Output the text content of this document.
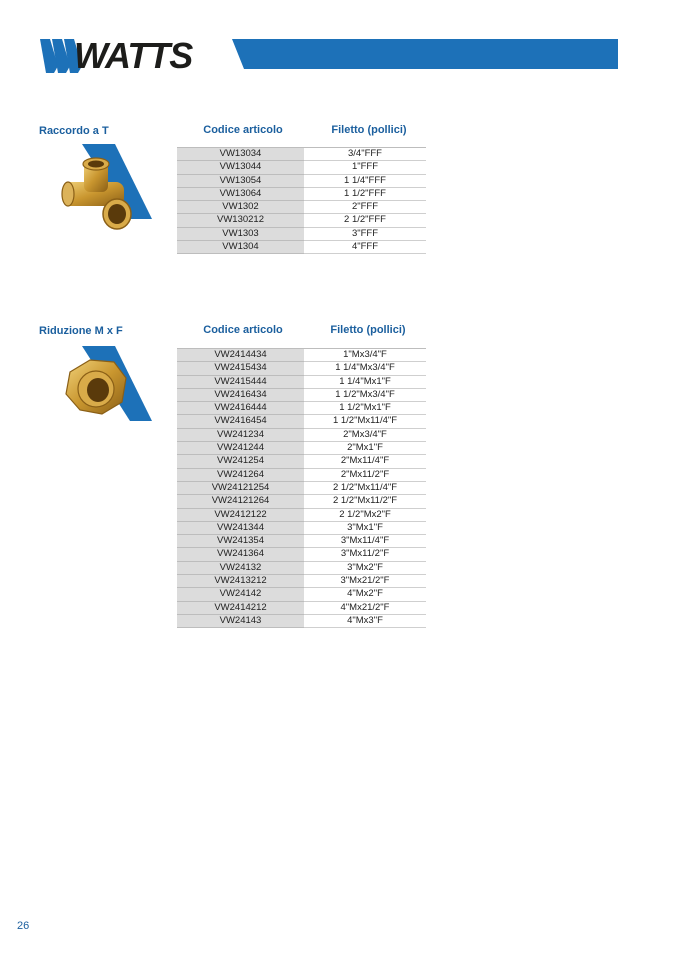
WATTS
Raccordo a T	Codice articolo	Filetto (pollici)
VW13034	3/4"FFF
VW13044	1"FFF
VW13054	1 1/4"FFF
VW13064	1 1/2"FFF
VW1302	2"FFF
VW130212	2 1/2"FFF
VW1303	3"FFF
VW1304	4"FFF
Riduzione M x F	Codice articolo	Filetto (pollici)
VW2414434	1"Mx3/4"F
VW2415434	1 1/4"Mx3/4"F
VW2415444	1 1/4"Mx1"F
VW2416434	1 1/2"Mx3/4"F
VW2416444	1 1/2"Mx1"F
VW2416454	1 1/2"Mx11/4"F
VW241234	2"Mx3/4"F
VW241244	2"Mx1"F
VW241254	2"Mx11/4"F
VW241264	2"Mx11/2"F
VW24121254	2 1/2"Mx11/4"F
VW24121264	2 1/2"Mx11/2"F
VW2412122	2 1/2"Mx2"F
VW241344	3"Mx1"F
VW241354	3"Mx11/4"F
VW241364	3"Mx11/2"F
VW24132	3"Mx2"F
VW2413212	3"Mx21/2"F
VW24142	4"Mx2"F
VW2414212	4"Mx21/2"F
VW24143	4"Mx3"F
26
